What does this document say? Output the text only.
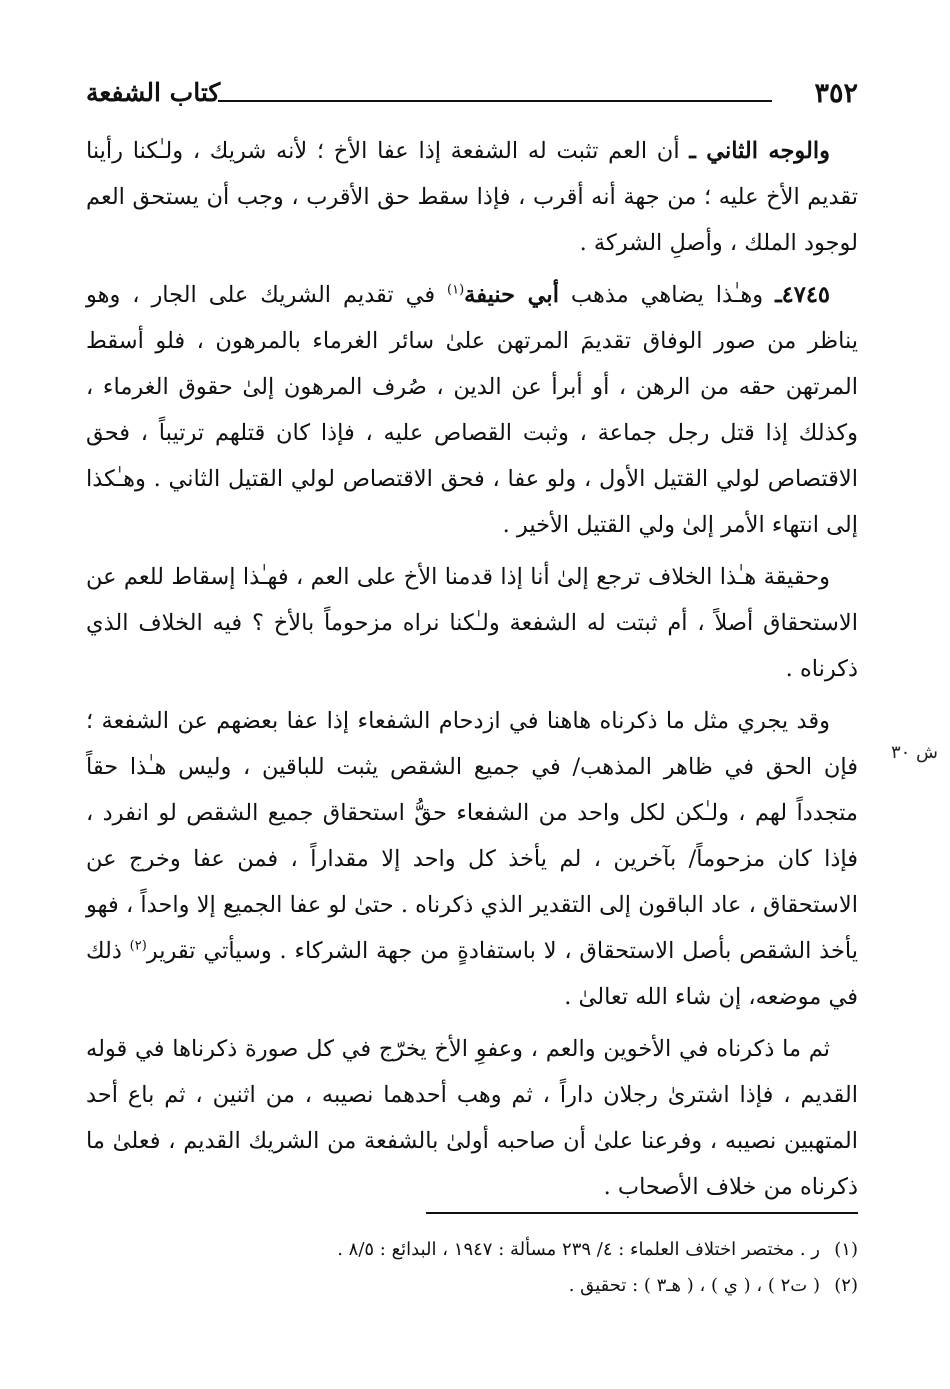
٣٥٢
كتاب الشفعة
ش ٣٠

والوجه الثاني ـ أن العم تثبت له الشفعة إذا عفا الأخ ؛ لأنه شريك ، ولـٰكنا رأينا تقديم الأخ عليه ؛ من جهة أنه أقرب ، فإذا سقط حق الأقرب ، وجب أن يستحق العم لوجود الملك ، وأصلِ الشركة .

٤٧٤٥ـ وهـٰذا يضاهي مذهب أبي حنيفة$^{(١)}$ في تقديم الشريك على الجار ، وهو يناظر من صور الوفاق تقديمَ المرتهن علىٰ سائر الغرماء بالمرهون ، فلو أسقط المرتهن حقه من الرهن ، أو أبرأ عن الدين ، صُرف المرهون إلىٰ حقوق الغرماء ، وكذلك إذا قتل رجل جماعة ، وثبت القصاص عليه ، فإذا كان قتلهم ترتيباً ، فحق الاقتصاص لولي القتيل الأول ، ولو عفا ، فحق الاقتصاص لولي القتيل الثاني . وهـٰكذا إلى انتهاء الأمر إلىٰ ولي القتيل الأخير .

وحقيقة هـٰذا الخلاف ترجع إلىٰ أنا إذا قدمنا الأخ على العم ، فهـٰذا إسقاط للعم عن الاستحقاق أصلاً ، أم ثبتت له الشفعة ولـٰكنا نراه مزحوماً بالأخ ؟ فيه الخلاف الذي ذكرناه .

وقد يجري مثل ما ذكرناه هاهنا في ازدحام الشفعاء إذا عفا بعضهم عن الشفعة ؛ فإن الحق في ظاهر المذهب/ في جميع الشقص يثبت للباقين ، وليس هـٰذا حقاً متجدداً لهم ، ولـٰكن لكل واحد من الشفعاء حقُّ استحقاق جميع الشقص لو انفرد ، فإذا كان مزحوماً/ بآخرين ، لم يأخذ كل واحد إلا مقداراً ، فمن عفا وخرج عن الاستحقاق ، عاد الباقون إلى التقدير الذي ذكرناه . حتىٰ لو عفا الجميع إلا واحداً ، فهو يأخذ الشقص بأصل الاستحقاق ، لا باستفادةٍ من جهة الشركاء . وسيأتي تقرير$^{(٢)}$ ذلك في موضعه، إن شاء الله تعالىٰ .

ثم ما ذكرناه في الأخوين والعم ، وعفوِ الأخ يخرّج في كل صورة ذكرناها في قوله القديم ، فإذا اشترىٰ رجلان داراً ، ثم وهب أحدهما نصيبه ، من اثنين ، ثم باع أحد المتهبين نصيبه ، وفرعنا علىٰ أن صاحبه أولىٰ بالشفعة من الشريك القديم ، فعلىٰ ما ذكرناه من خلاف الأصحاب .

(١)ر . مختصر اختلاف العلماء : ٤/ ٢٣٩ مسألة : ١٩٤٧ ، البدائع : ٨/٥ .

(٢)( ت٢ ) ، ( ي ) ، ( هـ٣ ) : تحقيق .
